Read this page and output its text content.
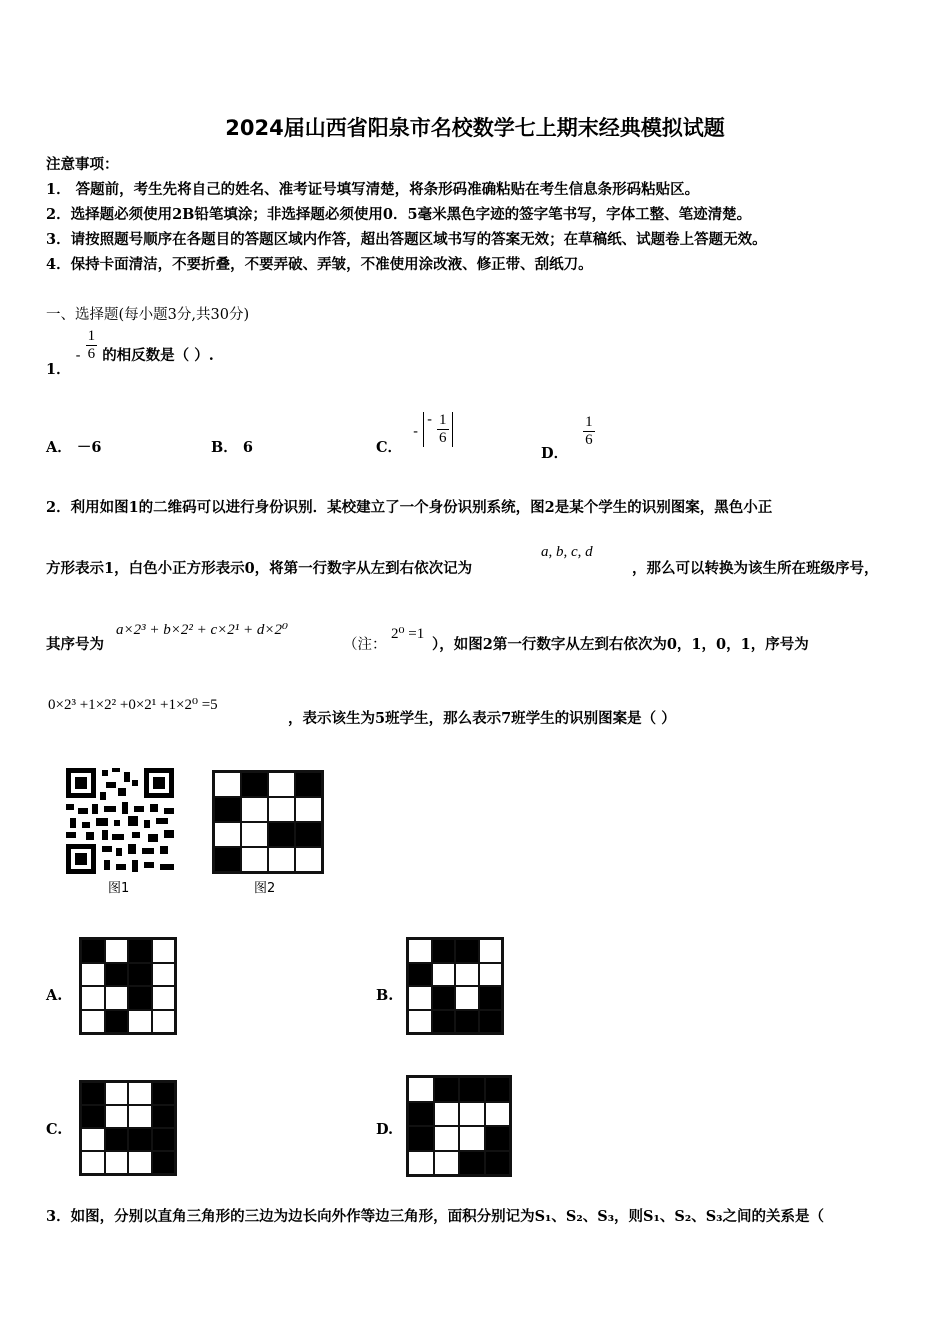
2024届山西省阳泉市名校数学七上期末经典模拟试题
注意事项：
1． 答题前，考生先将自己的姓名、准考证号填写清楚，将条形码准确粘贴在考生信息条形码粘贴区。
2．选择题必须使用2B铅笔填涂；非选择题必须使用0．5毫米黑色字迹的签字笔书写，字体工整、笔迹清楚。
3．请按照题号顺序在各题目的答题区域内作答，超出答题区域书写的答案无效；在草稿纸、试题卷上答题无效。
4．保持卡面清洁，不要折叠，不要弄破、弄皱，不准使用涂改液、修正带、刮纸刀。
一、选择题(每小题3分,共30分)
1． - $\frac{1}{6}$ 的相反数是（ ）.
A． －6	B． 6	C． - - $\frac{1}{6}$
D．
$\frac{1}{6}$
2．利用如图1的二维码可以进行身份识别．某校建立了一个身份识别系统，图2是某个学生的识别图案，黑色小正
方形表示1，白色小正方形表示0，将第一行数字从左到右依次记为
a, b, c, d
，那么可以转换为该生所在班级序号，
其序号为
a×2³ + b×2² + c×2¹ + d×2⁰
（注：
2⁰ =1
），如图2第一行数字从左到右依次为0，1，0，1，序号为
0×2³ +1×2² +0×2¹ +1×2⁰ =5
，表示该生为5班学生，那么表示7班学生的识别图案是（ ）
图1	图2
A.	B.
C.	D.
3．如图，分别以直角三角形的三边为边长向外作等边三角形，面积分别记为S₁、S₂、S₃，则S₁、S₂、S₃之间的关系是（
